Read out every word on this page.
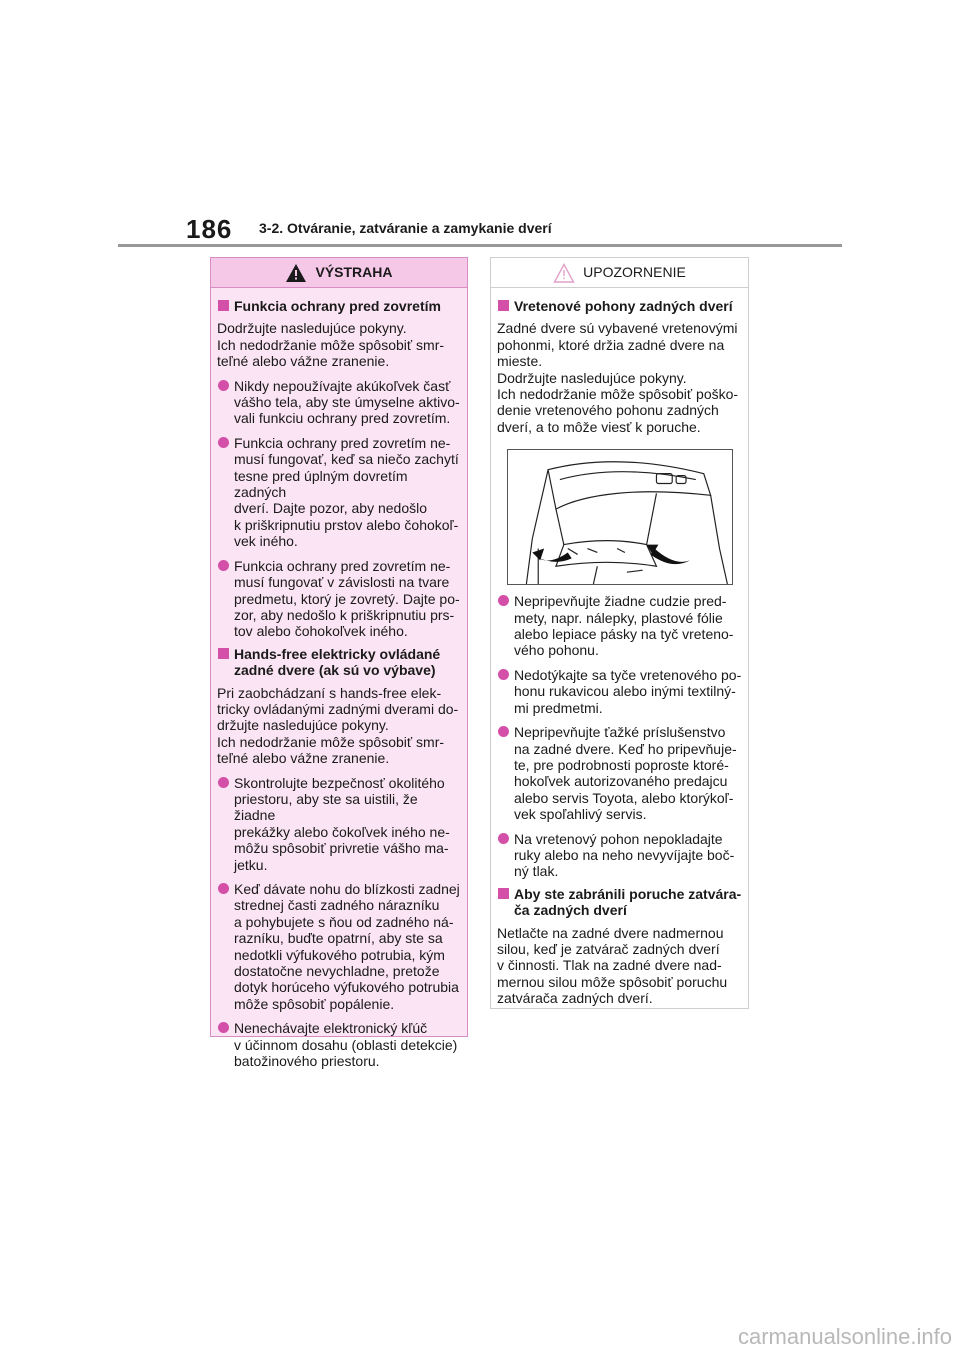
186 3-2. Otváranie, zatváranie a zamykanie dverí
VÝSTRAHA
Funkcia ochrany pred zovretím
Dodržujte nasledujúce pokyny.
Ich nedodržanie môže spôsobiť smr-
teľné alebo vážne zranenie.
Nikdy nepoužívajte akúkoľvek časť
vášho tela, aby ste úmyselne aktivo-
vali funkciu ochrany pred zovretím.
Funkcia ochrany pred zovretím ne-
musí fungovať, keď sa niečo zachytí
tesne pred úplným dovretím zadných
dverí. Dajte pozor, aby nedošlo
k priškripnutiu prstov alebo čohokoľ-
vek iného.
Funkcia ochrany pred zovretím ne-
musí fungovať v závislosti na tvare
predmetu, ktorý je zovretý. Dajte po-
zor, aby nedošlo k priškripnutiu prs-
tov alebo čohokoľvek iného.
Hands-free elektricky ovládané
zadné dvere (ak sú vo výbave)
Pri zaobchádzaní s hands-free elek-
tricky ovládanými zadnými dverami do-
držujte nasledujúce pokyny.
Ich nedodržanie môže spôsobiť smr-
teľné alebo vážne zranenie.
Skontrolujte bezpečnosť okolitého
priestoru, aby ste sa uistili, že žiadne
prekážky alebo čokoľvek iného ne-
môžu spôsobiť privretie vášho ma-
jetku.
Keď dávate nohu do blízkosti zadnej
strednej časti zadného nárazníku
a pohybujete s ňou od zadného ná-
razníku, buďte opatrní, aby ste sa
nedotkli výfukového potrubia, kým
dostatočne nevychladne, pretože
dotyk horúceho výfukového potrubia
môže spôsobiť popálenie.
Nenechávajte elektronický kľúč
v účinnom dosahu (oblasti detekcie)
batožinového priestoru.
UPOZORNENIE
Vretenové pohony zadných dverí
Zadné dvere sú vybavené vretenovými
pohonmi, ktoré držia zadné dvere na
mieste.
Dodržujte nasledujúce pokyny.
Ich nedodržanie môže spôsobiť poško-
denie vretenového pohonu zadných
dverí, a to môže viesť k poruche.
Nepripevňujte žiadne cudzie pred-
mety, napr. nálepky, plastové fólie
alebo lepiace pásky na tyč vreteno-
vého pohonu.
Nedotýkajte sa tyče vretenového po-
honu rukavicou alebo inými textilný-
mi predmetmi.
Nepripevňujte ťažké príslušenstvo
na zadné dvere. Keď ho pripevňuje-
te, pre podrobnosti poproste ktoré-
hokoľvek autorizovaného predajcu
alebo servis Toyota, alebo ktorýkoľ-
vek spoľahlivý servis.
Na vretenový pohon nepokladajte
ruky alebo na neho nevyvíjajte boč-
ný tlak.
Aby ste zabránili poruche zatvára-
ča zadných dverí
Netlačte na zadné dvere nadmernou
silou, keď je zatvárač zadných dverí
v činnosti. Tlak na zadné dvere nad-
mernou silou môže spôsobiť poruchu
zatvárača zadných dverí.
carmanualsonline.info
